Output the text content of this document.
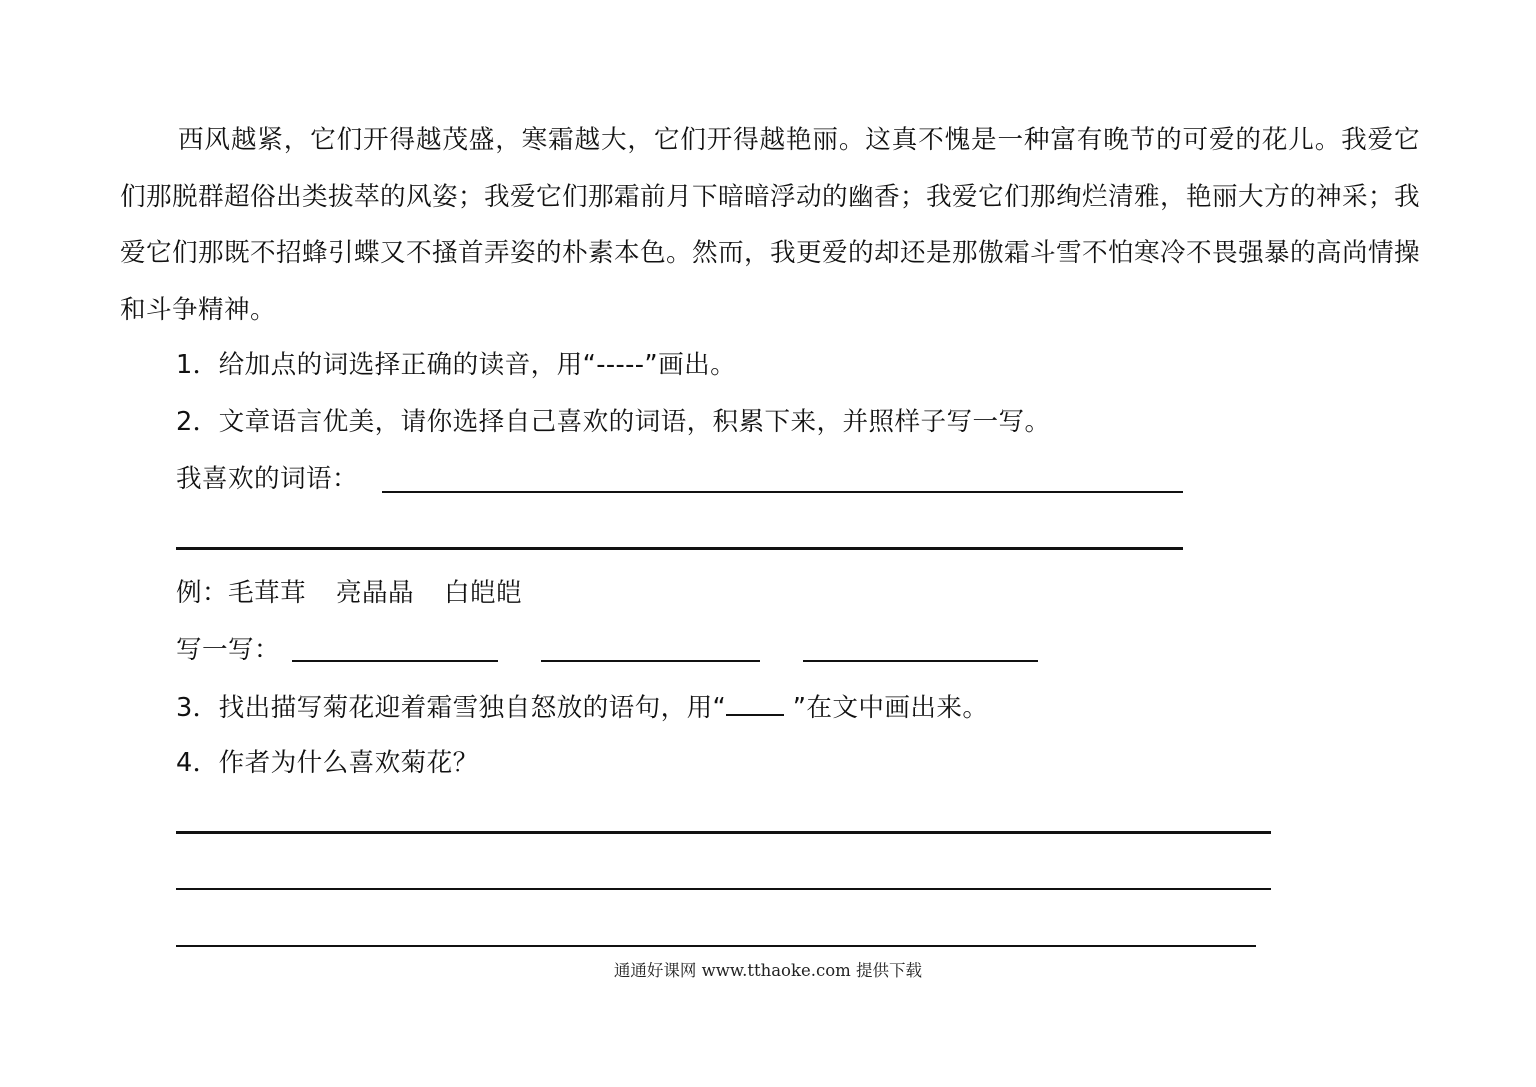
西风越紧，它们开得越茂盛，寒霜越大，它们开得越艳丽。这真不愧是一种富有晚节的可爱的花儿。我爱它们那脱群超俗出类拔萃的风姿；我爱它们那霜前月下暗暗浮动的幽香；我爱它们那绚烂清雅，艳丽大方的神采；我爱它们那既不招蜂引蝶又不搔首弄姿的朴素本色。然而，我更爱的却还是那傲霜斗雪不怕寒冷不畏强暴的高尚情操和斗争精神。

1．给加点的词选择正确的读音，用“-----”画出。
2．文章语言优美，请你选择自己喜欢的词语，积累下来，并照样子写一写。
我喜欢的词语：
例：毛茸茸 亮晶晶 白皑皑
写一写：
3．找出描写菊花迎着霜雪独自怒放的语句，用“ ”在文中画出来。
4．作者为什么喜欢菊花？
通通好课网 www.tthaoke.com 提供下载
